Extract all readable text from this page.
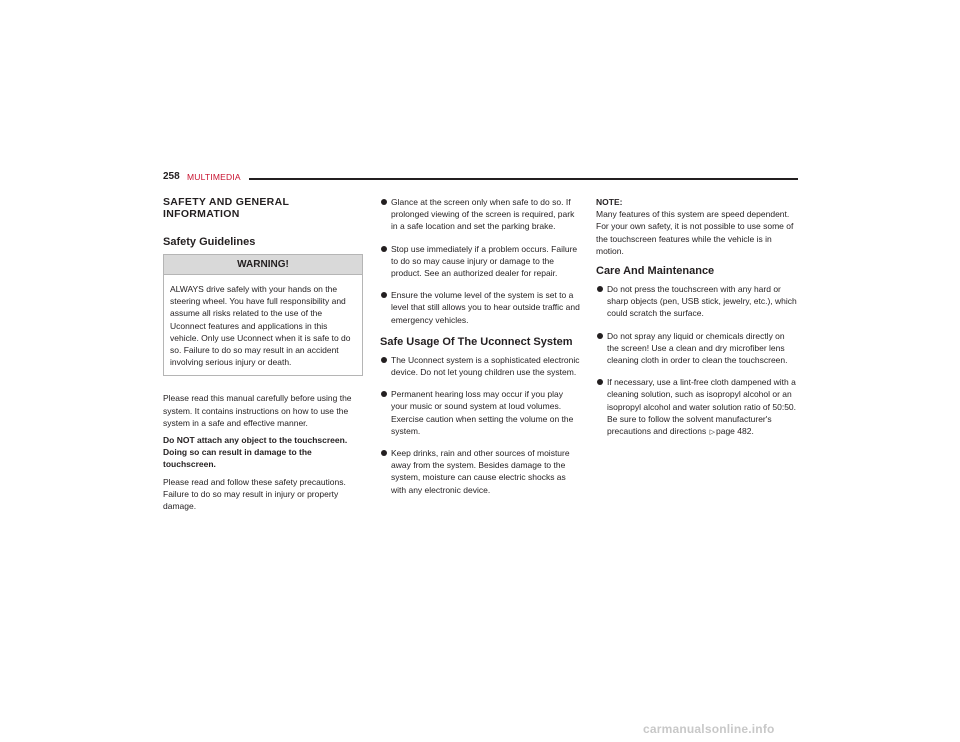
258 MULTIMEDIA
SAFETY AND GENERAL INFORMATION
Safety Guidelines
WARNING!
ALWAYS drive safely with your hands on the steering wheel. You have full responsibility and assume all risks related to the use of the Uconnect features and applications in this vehicle. Only use Uconnect when it is safe to do so. Failure to do so may result in an accident involving serious injury or death.

Please read this manual carefully before using the system. It contains instructions on how to use the system in a safe and effective manner.

Do NOT attach any object to the touchscreen. Doing so can result in damage to the touchscreen.

Please read and follow these safety precautions. Failure to do so may result in injury or property damage.

Glance at the screen only when safe to do so. If prolonged viewing of the screen is required, park in a safe location and set the parking brake.
Stop use immediately if a problem occurs. Failure to do so may cause injury or damage to the product. See an authorized dealer for repair.
Ensure the volume level of the system is set to a level that still allows you to hear outside traffic and emergency vehicles.
Safe Usage Of The Uconnect System
The Uconnect system is a sophisticated electronic device. Do not let young children use the system.
Permanent hearing loss may occur if you play your music or sound system at loud volumes. Exercise caution when setting the volume on the system.
Keep drinks, rain and other sources of moisture away from the system. Besides damage to the system, moisture can cause electric shocks as with any electronic device.
NOTE:

Many features of this system are speed dependent. For your own safety, it is not possible to use some of the touchscreen features while the vehicle is in motion.

Care And Maintenance
Do not press the touchscreen with any hard or sharp objects (pen, USB stick, jewelry, etc.), which could scratch the surface.
Do not spray any liquid or chemicals directly on the screen! Use a clean and dry microfiber lens cleaning cloth in order to clean the touchscreen.
If necessary, use a lint-free cloth dampened with a cleaning solution, such as isopropyl alcohol or an isopropyl alcohol and water solution ratio of 50:50. Be sure to follow the solvent manufacturer's precautions and directions ▷page 482.
carmanualsonline.info
